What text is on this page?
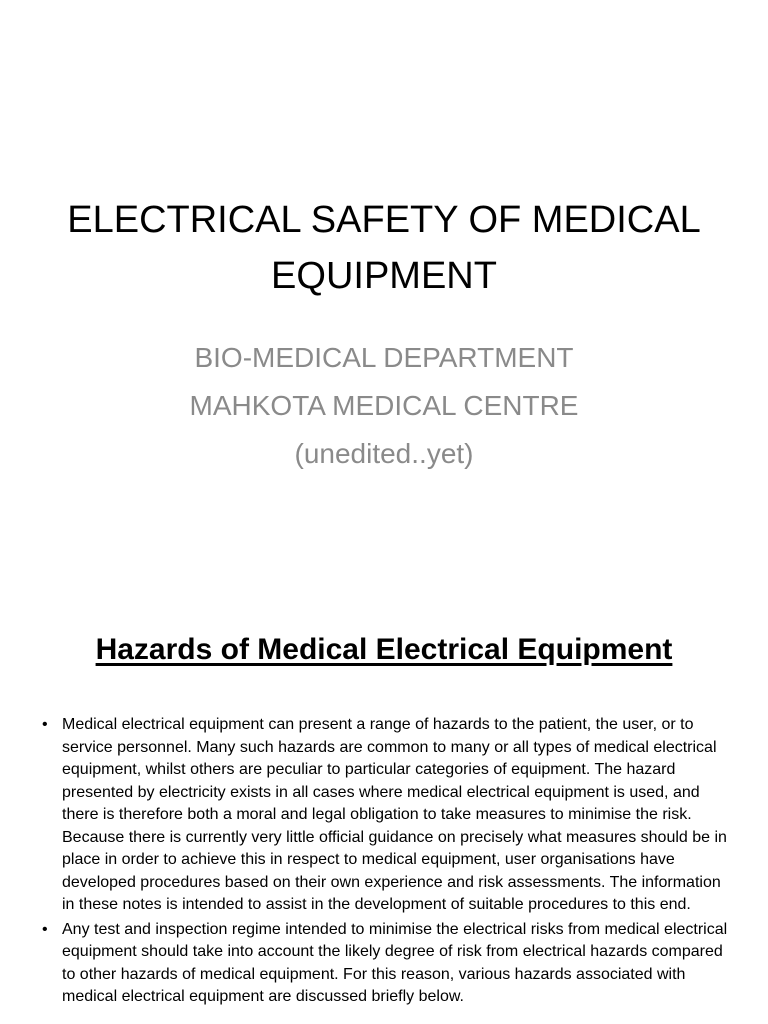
ELECTRICAL SAFETY OF MEDICAL
EQUIPMENT
BIO-MEDICAL DEPARTMENT
MAHKOTA MEDICAL CENTRE
(unedited..yet)
Hazards of Medical Electrical Equipment
• Medical electrical equipment can present a range of hazards to the patient, the user, or to service personnel. Many such hazards are common to many or all types of medical electrical equipment, whilst others are peculiar to particular categories of equipment. The hazard presented by electricity exists in all cases where medical electrical equipment is used, and there is therefore both a moral and legal obligation to take measures to minimise the risk. Because there is currently very little official guidance on precisely what measures should be in place in order to achieve this in respect to medical equipment, user organisations have developed procedures based on their own experience and risk assessments. The information in these notes is intended to assist in the development of suitable procedures to this end.
• Any test and inspection regime intended to minimise the electrical risks from medical electrical equipment should take into account the likely degree of risk from electrical hazards compared to other hazards of medical equipment. For this reason, various hazards associated with medical electrical equipment are discussed briefly below.
